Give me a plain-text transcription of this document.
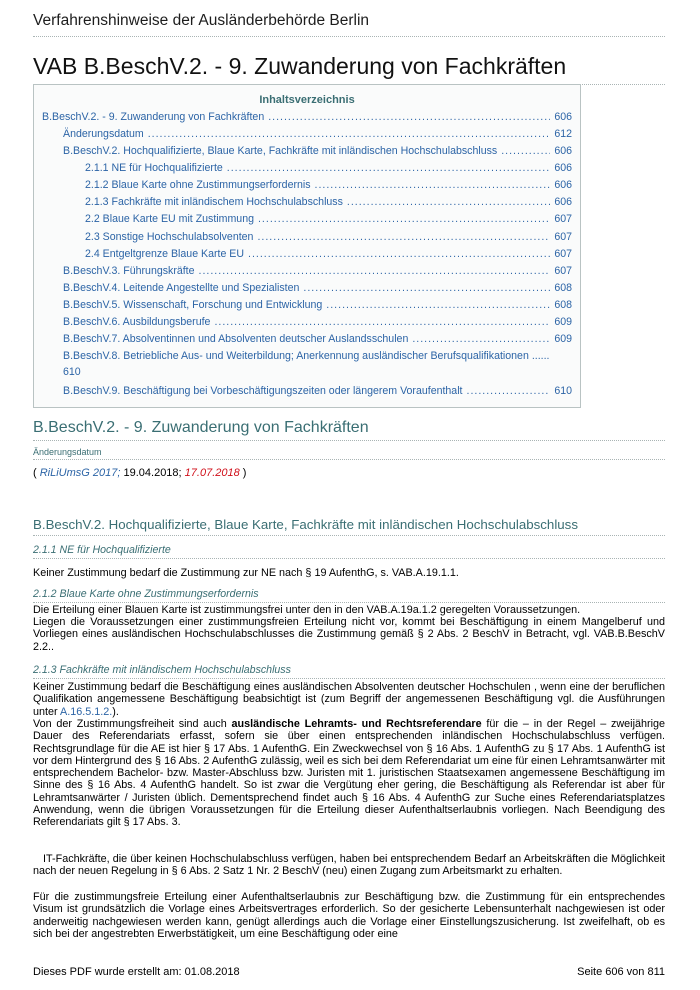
Verfahrenshinweise der Ausländerbehörde Berlin
VAB B.BeschV.2. - 9. Zuwanderung von Fachkräften
Inhaltsverzeichnis
B.BeschV.2. - 9. Zuwanderung von Fachkräften .....	606
Änderungsdatum .....	612
B.BeschV.2. Hochqualifizierte, Blaue Karte, Fachkräfte mit inländischen Hochschulabschluss .....	606
2.1.1 NE für Hochqualifizierte .....	606
2.1.2 Blaue Karte ohne Zustimmungserfordernis .....	606
2.1.3 Fachkräfte mit inländischem Hochschulabschluss .....	606
2.2 Blaue Karte EU mit Zustimmung .....	607
2.3 Sonstige Hochschulabsolventen .....	607
2.4 Entgeltgrenze Blaue Karte EU .....	607
B.BeschV.3. Führungskräfte .....	607
B.BeschV.4. Leitende Angestellte und Spezialisten .....	608
B.BeschV.5. Wissenschaft, Forschung und Entwicklung .....	608
B.BeschV.6. Ausbildungsberufe .....	609
B.BeschV.7. Absolventinnen und Absolventen deutscher Auslandsschulen .....	609
B.BeschV.8. Betriebliche Aus- und Weiterbildung; Anerkennung ausländischer Berufsqualifikationen ......
610
B.BeschV.9. Beschäftigung bei Vorbeschäftigungszeiten oder längerem Voraufenthalt .....	610
B.BeschV.2. - 9. Zuwanderung von Fachkräften
Änderungsdatum
( RiLiUmsG 2017; 19.04.2018; 17.07.2018 )
B.BeschV.2. Hochqualifizierte, Blaue Karte, Fachkräfte mit inländischen Hochschulabschluss
2.1.1 NE für Hochqualifizierte
Keiner Zustimmung bedarf die Zustimmung zur NE nach § 19 AufenthG, s. VAB.A.19.1.1.
2.1.2 Blaue Karte ohne Zustimmungserfordernis
Die Erteilung einer Blauen Karte ist zustimmungsfrei unter den in den VAB.A.19a.1.2 geregelten Voraussetzungen.
Liegen die Voraussetzungen einer zustimmungsfreien Erteilung nicht vor, kommt bei Beschäftigung in einem Mangelberuf und Vorliegen eines ausländischen Hochschulabschlusses die Zustimmung gemäß § 2 Abs. 2 BeschV in Betracht, vgl. VAB.B.BeschV 2.2..
2.1.3 Fachkräfte mit inländischem Hochschulabschluss
Keiner Zustimmung bedarf die Beschäftigung eines ausländischen Absolventen deutscher Hochschulen , wenn eine der beruflichen Qualifikation angemessene Beschäftigung beabsichtigt ist (zum Begriff der angemessenen Beschäftigung vgl. die Ausführungen unter A.16.5.1.2.).
Von der Zustimmungsfreiheit sind auch ausländische Lehramts- und Rechtsreferendare für die – in der Regel – zweijährige Dauer des Referendariats erfasst, sofern sie über einen entsprechenden inländischen Hochschulabschluss verfügen. Rechtsgrundlage für die AE ist hier § 17 Abs. 1 AufenthG. Ein Zweckwechsel von § 16 Abs. 1 AufenthG zu § 17 Abs. 1 AufenthG ist vor dem Hintergrund des § 16 Abs. 2 AufenthG zulässig, weil es sich bei dem Referendariat um eine für einen Lehramtsanwärter mit entsprechendem Bachelor- bzw. Master-Abschluss bzw. Juristen mit 1. juristischen Staatsexamen angemessene Beschäftigung im Sinne des § 16 Abs. 4 AufenthG handelt. So ist zwar die Vergütung eher gering, die Beschäftigung als Referendar ist aber für Lehramtsanwärter / Juristen üblich. Dementsprechend findet auch § 16 Abs. 4 AufenthG zur Suche eines Referendariatsplatzes Anwendung, wenn die übrigen Voraussetzungen für die Erteilung dieser Aufenthaltserlaubnis vorliegen. Nach Beendigung des Referendariats gilt § 17 Abs. 3.
IT-Fachkräfte, die über keinen Hochschulabschluss verfügen, haben bei entsprechendem Bedarf an Arbeitskräften die Möglichkeit nach der neuen Regelung in § 6 Abs. 2 Satz 1 Nr. 2 BeschV (neu) einen Zugang zum Arbeitsmarkt zu erhalten.
Für die zustimmungsfreie Erteilung einer Aufenthaltserlaubnis zur Beschäftigung bzw. die Zustimmung für ein entsprechendes Visum ist grundsätzlich die Vorlage eines Arbeitsvertrages erforderlich. So der gesicherte Lebensunterhalt nachgewiesen ist oder anderweitig nachgewiesen werden kann, genügt allerdings auch die Vorlage einer Einstellungszusicherung. Ist zweifelhaft, ob es sich bei der angestrebten Erwerbstätigkeit, um eine Beschäftigung oder eine
Dieses PDF wurde erstellt am: 01.08.2018	Seite 606 von 811
